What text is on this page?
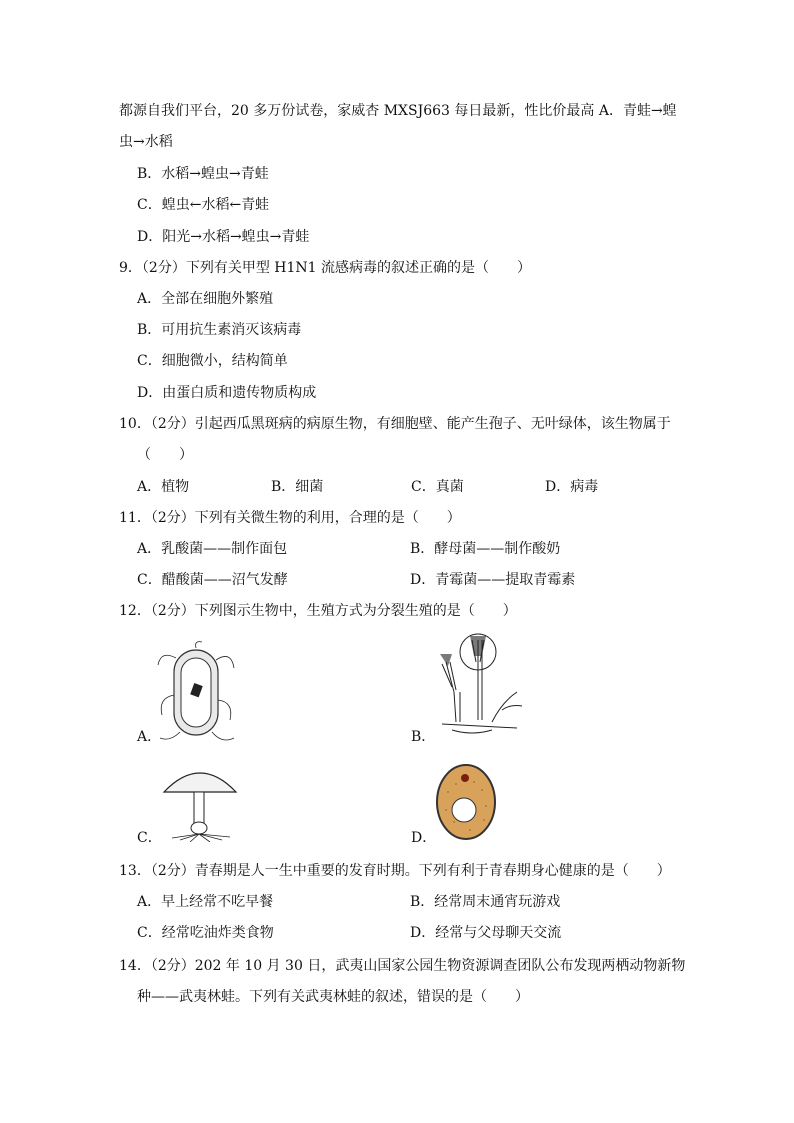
都源自我们平台，20 多万份试卷，家威杏 MXSJ663 每日最新，性比价最高 A．青蛙→蝗
虫→水稻
B．水稻→蝗虫→青蛙
C．蝗虫←水稻←青蛙
D．阳光→水稻→蝗虫→青蛙
9．（2分）下列有关甲型 H1N1 流感病毒的叙述正确的是（　　）
A．全部在细胞外繁殖
B．可用抗生素消灭该病毒
C．细胞微小，结构简单
D．由蛋白质和遗传物质构成
10．（2分）引起西瓜黑斑病的病原生物，有细胞壁、能产生孢子、无叶绿体，该生物属于
（　　）
A．植物	B．细菌	C．真菌	D．病毒
11．（2分）下列有关微生物的利用，合理的是（　　）
A．乳酸菌——制作面包	B．酵母菌——制作酸奶
C．醋酸菌——沼气发酵	D．青霉菌——提取青霉素
12．（2分）下列图示生物中，生殖方式为分裂生殖的是（　　）
A．	B．
C．	D．
13．（2分）青春期是人一生中重要的发育时期。下列有利于青春期身心健康的是（　　）
A．早上经常不吃早餐	B．经常周末通宵玩游戏
C．经常吃油炸类食物	D．经常与父母聊天交流
14．（2分）202 年 10 月 30 日，武夷山国家公园生物资源调查团队公布发现两栖动物新物
种——武夷林蛙。下列有关武夷林蛙的叙述，错误的是（　　）
